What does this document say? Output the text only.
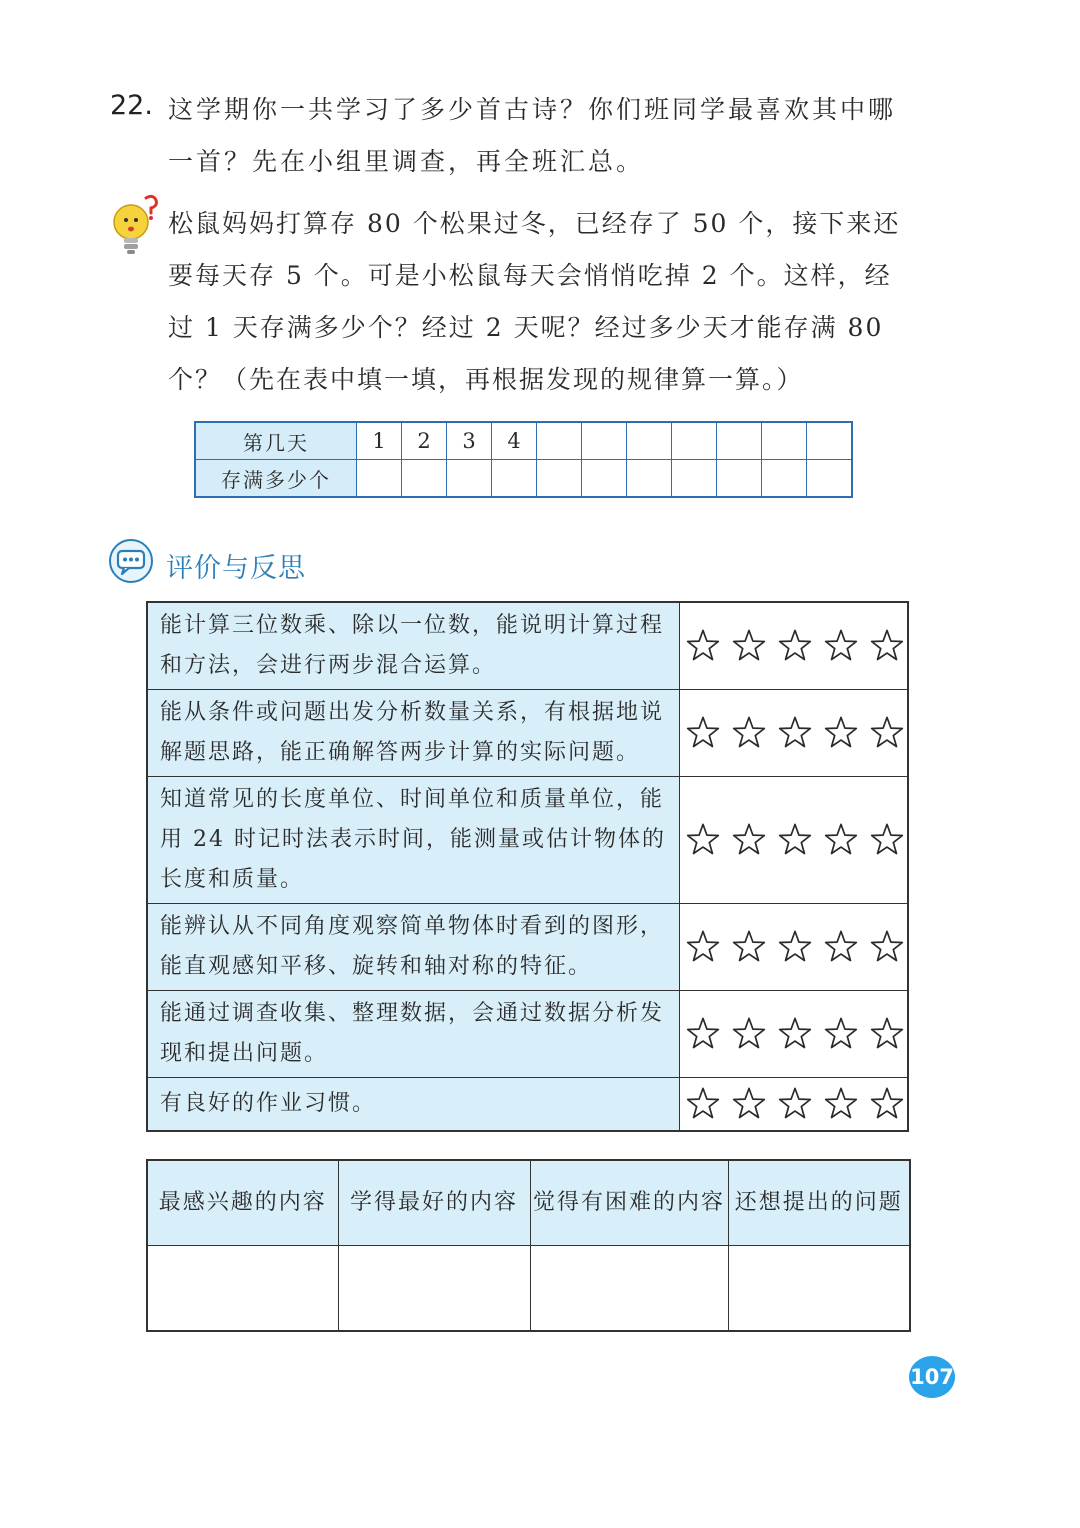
22. 这学期你一共学习了多少首古诗？你们班同学最喜欢其中哪一首？先在小组里调查，再全班汇总。

松鼠妈妈打算存 80 个松果过冬，已经存了 50 个，接下来还要每天存 5 个。可是小松鼠每天会悄悄吃掉 2 个。这样，经过 1 天存满多少个？经过 2 天呢？经过多少天才能存满 80 个？（先在表中填一填，再根据发现的规律算一算。）

第几天	1	2	3	4							
存满多少个											
评价与反思
能计算三位数乘、除以一位数，能说明计算过程和方法，会进行两步混合运算。	
能从条件或问题出发分析数量关系，有根据地说解题思路，能正确解答两步计算的实际问题。	
知道常见的长度单位、时间单位和质量单位，能用 24 时记时法表示时间，能测量或估计物体的长度和质量。	
能辨认从不同角度观察简单物体时看到的图形，能直观感知平移、旋转和轴对称的特征。	
能通过调查收集、整理数据，会通过数据分析发现和提出问题。	
有良好的作业习惯。	
最感兴趣的内容	学得最好的内容	觉得有困难的内容	还想提出的问题

107
